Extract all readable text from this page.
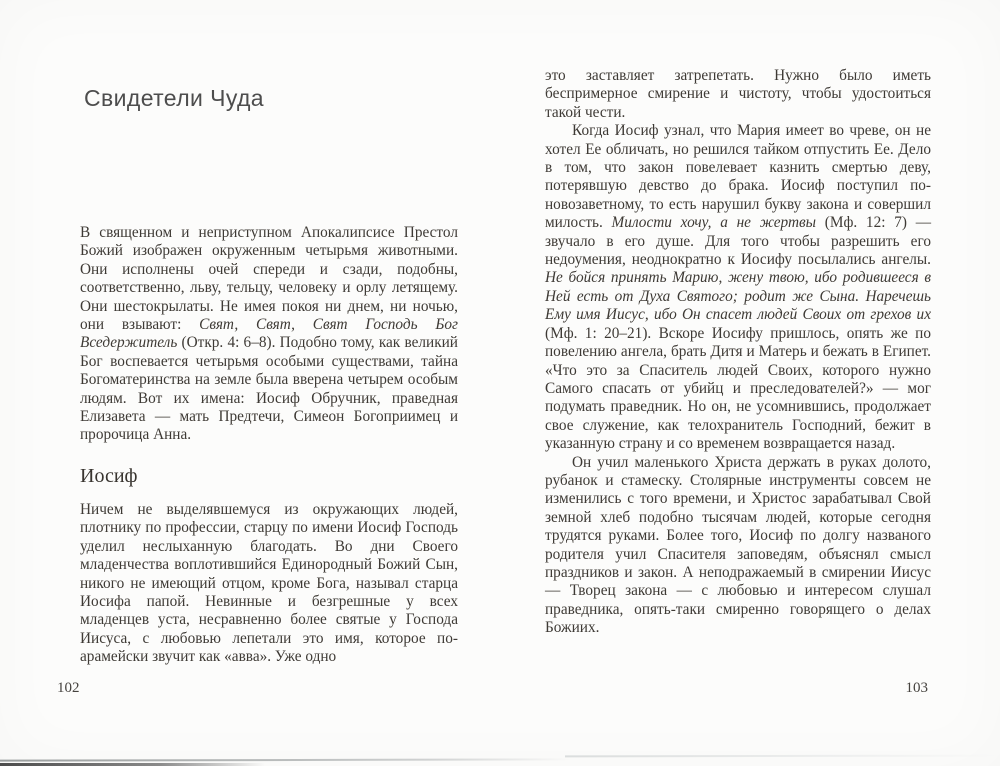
Свидетели Чуда

В священном и неприступном Апокалипсисе Престол Божий изображен окруженным четырьмя животными. Они исполнены очей спереди и сзади, подобны, соответственно, льву, тельцу, человеку и орлу летящему. Они шестокрылаты. Не имея покоя ни днем, ни ночью, они взывают: Свят, Свят, Свят Господь Бог Вседержитель (Откр. 4: 6–8). Подобно тому, как великий Бог воспевается четырьмя особыми существами, тайна Богоматеринства на земле была вверена четырем особым людям. Вот их имена: Иосиф Обручник, праведная Елизавета — мать Предтечи, Симеон Богоприимец и пророчица Анна.

Иосиф

Ничем не выделявшемуся из окружающих людей, плотнику по профессии, старцу по имени Иосиф Господь уделил неслыханную благодать. Во дни Своего младенчества воплотившийся Единородный Божий Сын, никого не имеющий отцом, кроме Бога, называл старца Иосифа папой. Невинные и безгрешные у всех младенцев уста, несравненно более святые у Господа Иисуса, с любовью лепетали это имя, которое по-арамейски звучит как «авва». Уже одно

это заставляет затрепетать. Нужно было иметь беспримерное смирение и чистоту, чтобы удостоиться такой чести.

Когда Иосиф узнал, что Мария имеет во чреве, он не хотел Ее обличать, но решился тайком отпустить Ее. Дело в том, что закон повелевает казнить смертью деву, потерявшую девство до брака. Иосиф поступил по-новозаветному, то есть нарушил букву закона и совершил милость. Милости хочу, а не жертвы (Мф. 12: 7) — звучало в его душе. Для того чтобы разрешить его недоумения, неоднократно к Иосифу посылались ангелы. Не бойся принять Марию, жену твою, ибо родившееся в Ней есть от Духа Святого; родит же Сына. Наречешь Ему имя Иисус, ибо Он спасет людей Своих от грехов их (Мф. 1: 20–21). Вскоре Иосифу пришлось, опять же по повелению ангела, брать Дитя и Матерь и бежать в Египет. «Что это за Спаситель людей Своих, которого нужно Самого спасать от убийц и преследователей?» — мог подумать праведник. Но он, не усомнившись, продолжает свое служение, как телохранитель Господний, бежит в указанную страну и со временем возвращается назад.

Он учил маленького Христа держать в руках долото, рубанок и стамеску. Столярные инструменты совсем не изменились с того времени, и Христос зарабатывал Свой земной хлеб подобно тысячам людей, которые сегодня трудятся руками. Более того, Иосиф по долгу названого родителя учил Спасителя заповедям, объяснял смысл праздников и закон. А неподражаемый в смирении Иисус — Творец закона — с любовью и интересом слушал праведника, опять-таки смиренно говорящего о делах Божиих.

102	103
